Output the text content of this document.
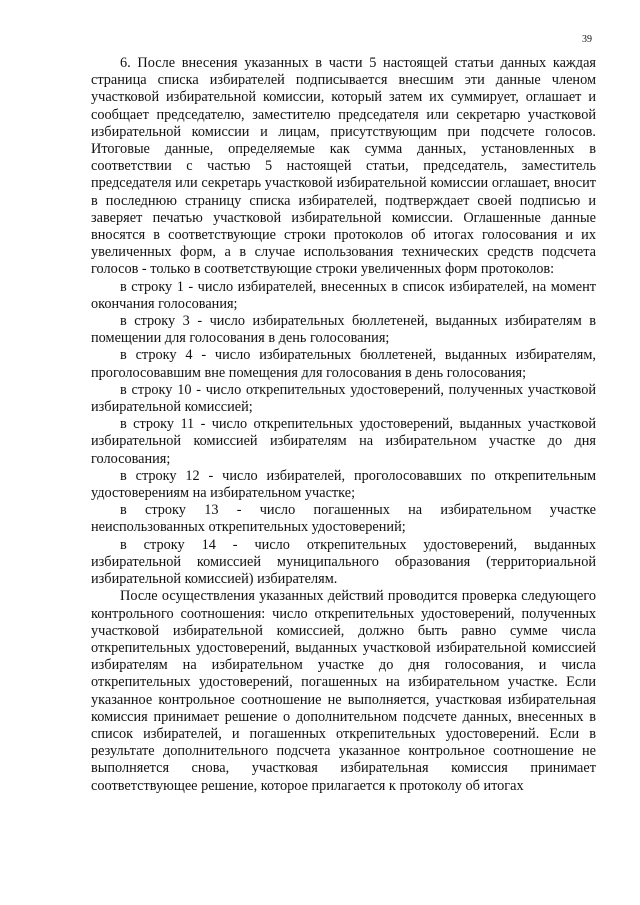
39

6. После внесения указанных в части 5 настоящей статьи данных каждая страница списка избирателей подписывается внесшим эти данные членом участковой избирательной комиссии, который затем их суммирует, оглашает и сообщает председателю, заместителю председателя или секретарю участковой избирательной комиссии и лицам, присутствующим при подсчете голосов. Итоговые данные, определяемые как сумма данных, установленных в соответствии с частью 5 настоящей статьи, председатель, заместитель председателя или секретарь участковой избирательной комиссии оглашает, вносит в последнюю страницу списка избирателей, подтверждает своей подписью и заверяет печатью участковой избирательной комиссии. Оглашенные данные вносятся в соответствующие строки протоколов об итогах голосования и их увеличенных форм, а в случае использования технических средств подсчета голосов - только в соответствующие строки увеличенных форм протоколов:

в строку 1 - число избирателей, внесенных в список избирателей, на момент окончания голосования;

в строку 3 - число избирательных бюллетеней, выданных избирателям в помещении для голосования в день голосования;

в строку 4 - число избирательных бюллетеней, выданных избирателям, проголосовавшим вне помещения для голосования в день голосования;

в строку 10 - число открепительных удостоверений, полученных участковой избирательной комиссией;

в строку 11 - число открепительных удостоверений, выданных участковой избирательной комиссией избирателям на избирательном участке до дня голосования;

в строку 12 - число избирателей, проголосовавших по открепительным удостоверениям на избирательном участке;

в строку 13 - число погашенных на избирательном участке неиспользованных открепительных удостоверений;

в строку 14 - число открепительных удостоверений, выданных избирательной комиссией муниципального образования (территориальной избирательной комиссией) избирателям.

После осуществления указанных действий проводится проверка следующего контрольного соотношения: число открепительных удостоверений, полученных участковой избирательной комиссией, должно быть равно сумме числа открепительных удостоверений, выданных участковой избирательной комиссией избирателям на избирательном участке до дня голосования, и числа открепительных удостоверений, погашенных на избирательном участке. Если указанное контрольное соотношение не выполняется, участковая избирательная комиссия принимает решение о дополнительном подсчете данных, внесенных в список избирателей, и погашенных открепительных удостоверений. Если в результате дополнительного подсчета указанное контрольное соотношение не выполняется снова, участковая избирательная комиссия принимает соответствующее решение, которое прилагается к протоколу об итогах
